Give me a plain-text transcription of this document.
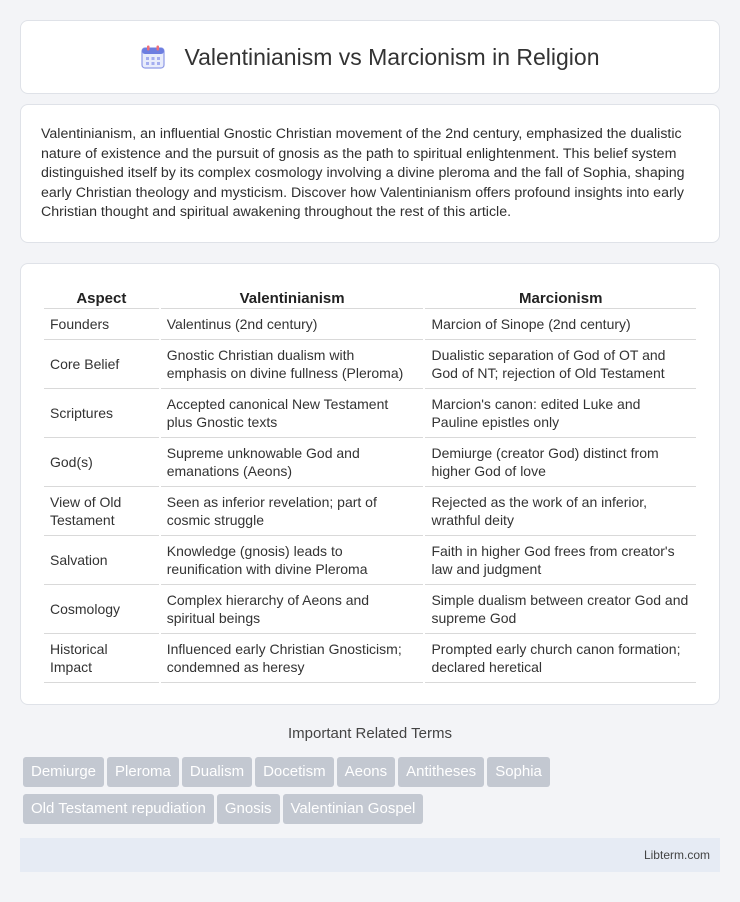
Valentinianism vs Marcionism in Religion

Valentinianism, an influential Gnostic Christian movement of the 2nd century, emphasized the dualistic nature of existence and the pursuit of gnosis as the path to spiritual enlightenment. This belief system distinguished itself by its complex cosmology involving a divine pleroma and the fall of Sophia, shaping early Christian theology and mysticism. Discover how Valentinianism offers profound insights into early Christian thought and spiritual awakening throughout the rest of this article.

Aspect	Valentinianism	Marcionism
Founders	Valentinus (2nd century)	Marcion of Sinope (2nd century)
Core Belief	Gnostic Christian dualism with emphasis on divine fullness (Pleroma)	Dualistic separation of God of OT and God of NT; rejection of Old Testament
Scriptures	Accepted canonical New Testament plus Gnostic texts	Marcion's canon: edited Luke and Pauline epistles only
God(s)	Supreme unknowable God and emanations (Aeons)	Demiurge (creator God) distinct from higher God of love
View of Old Testament	Seen as inferior revelation; part of cosmic struggle	Rejected as the work of an inferior, wrathful deity
Salvation	Knowledge (gnosis) leads to reunification with divine Pleroma	Faith in higher God frees from creator's law and judgment
Cosmology	Complex hierarchy of Aeons and spiritual beings	Simple dualism between creator God and supreme God
Historical Impact	Influenced early Christian Gnosticism; condemned as heresy	Prompted early church canon formation; declared heretical
Important Related Terms
Demiurge Pleroma Dualism Docetism Aeons Antitheses Sophia
Old Testament repudiation Gnosis Valentinian Gospel
Libterm.com
